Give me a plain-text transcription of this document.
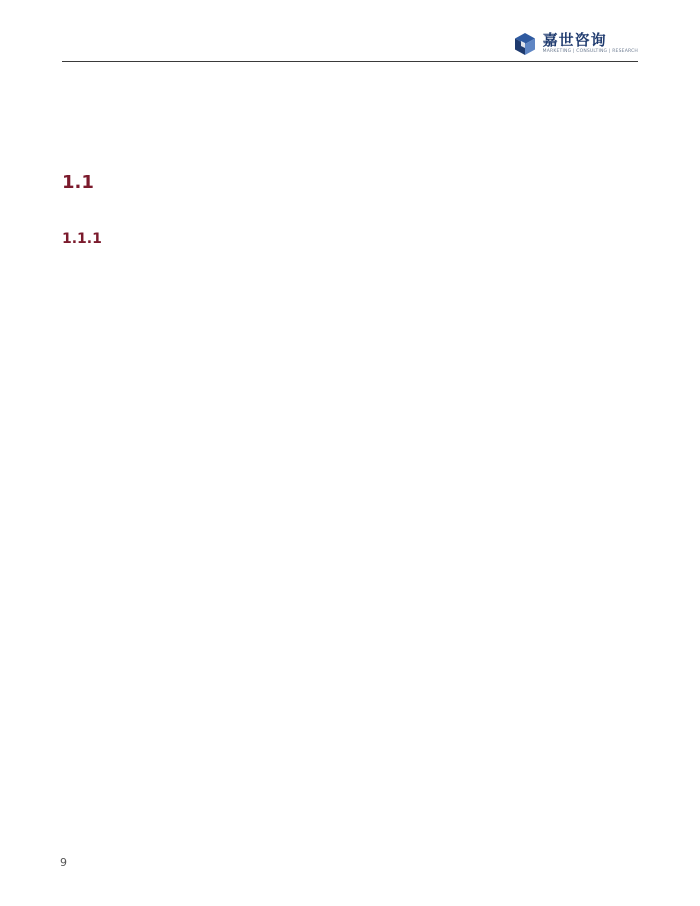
嘉世咨询
MARKETING | CONSULTING | RESEARCH
1.1
1.1.1

9
